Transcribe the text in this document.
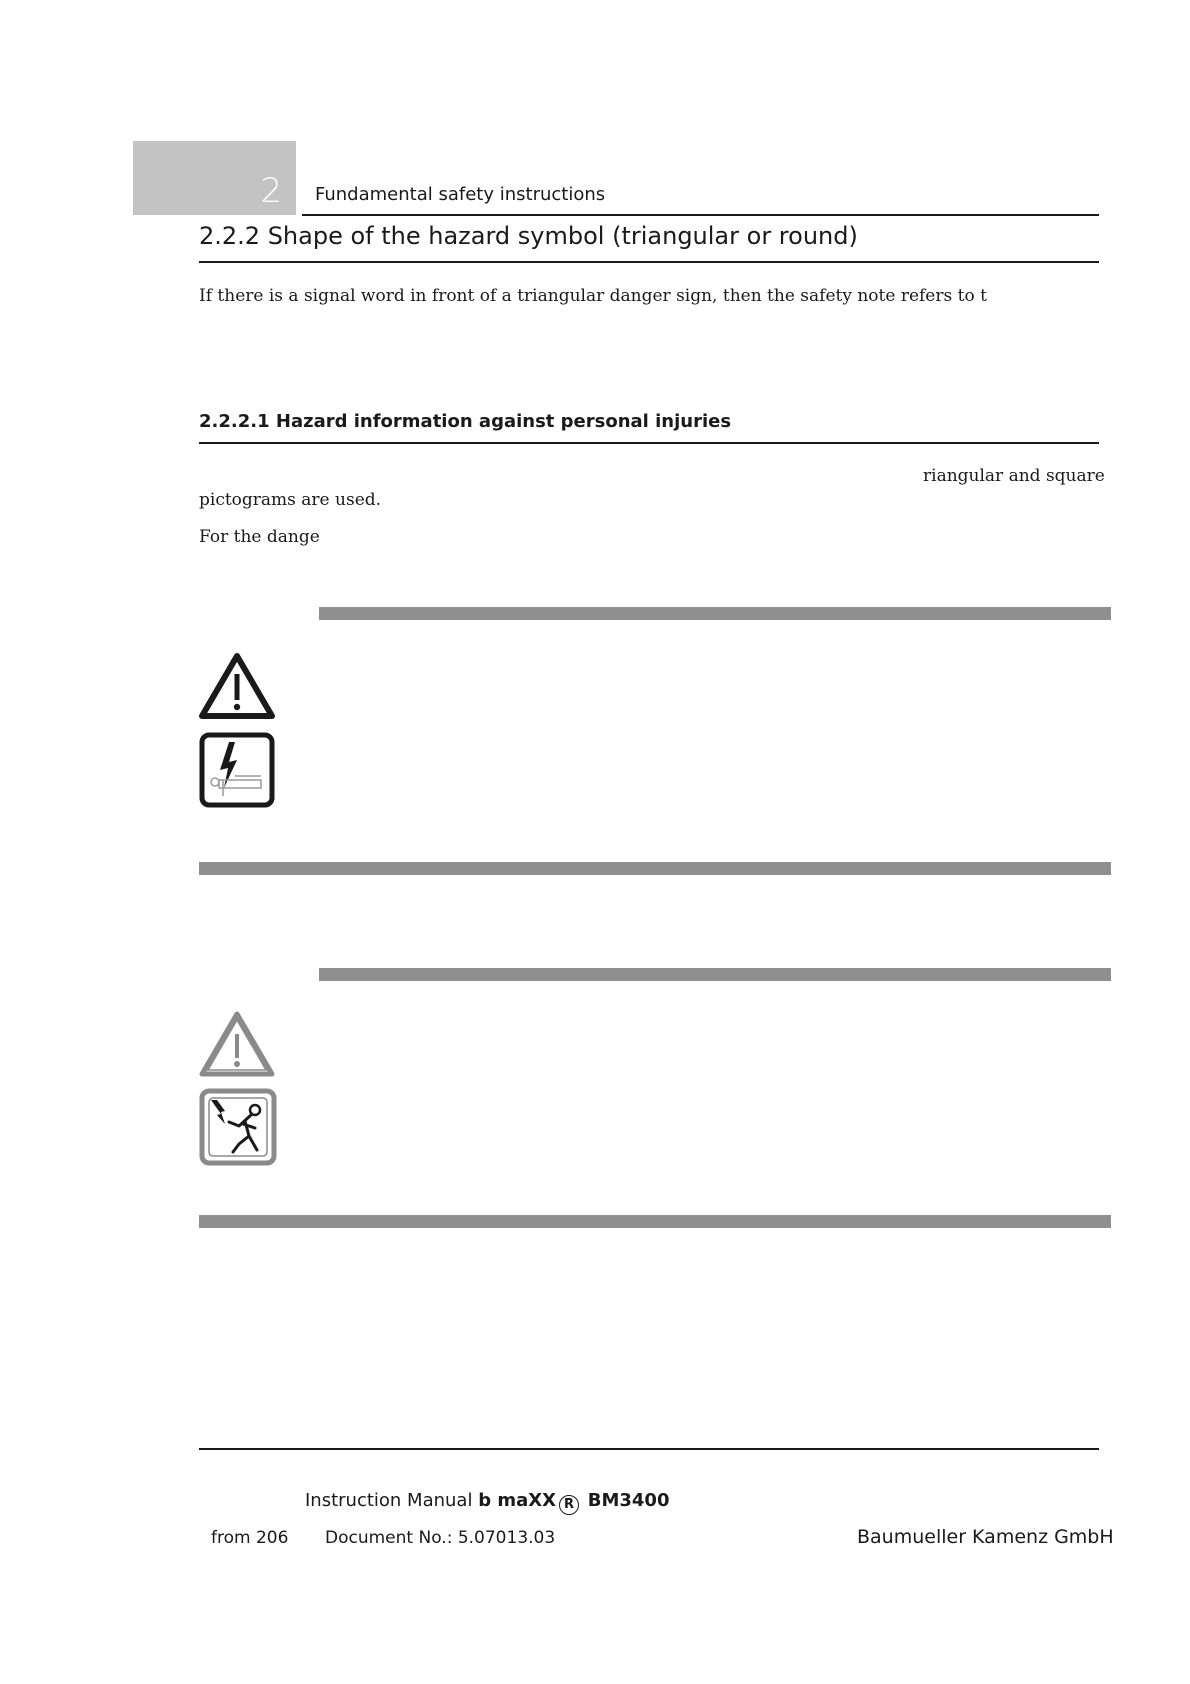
2 Fundamental safety instructions
2.2.2 Shape of the hazard symbol (triangular or round)
If there is a signal word in front of a triangular danger sign, then the safety note refers to t
2.2.2.1 Hazard information against personal injuries
riangular and square
pictograms are used.
For the dange
Instruction Manual b maXX R BM3400
from 206 Document No.: 5.07013.03	Baumueller Kamenz GmbH
